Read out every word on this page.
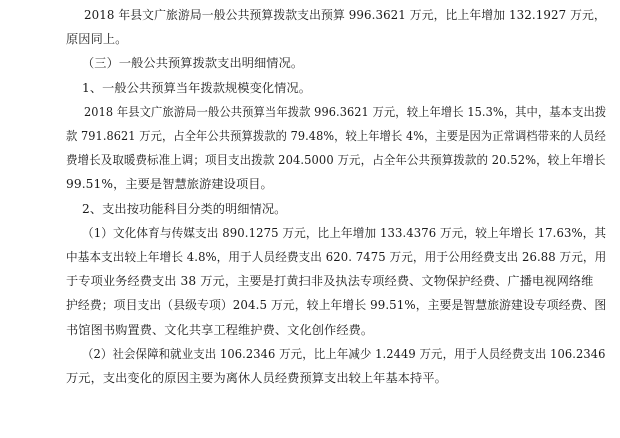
2018 年县文广旅游局一般公共预算拨款支出预算 996.3621 万元，比上年增加 132.1927 万元，
原因同上。
（三）一般公共预算拨款支出明细情况。
1、一般公共预算当年拨款规模变化情况。
2018 年县文广旅游局一般公共预算当年拨款 996.3621 万元，较上年增长 15.3%，其中，基本支出拨
款 791.8621 万元，占全年公共预算拨款的 79.48%，较上年增长 4%，主要是因为正常调档带来的人员经
费增长及取暖费标准上调；项目支出拨款 204.5000 万元，占全年公共预算拨款的 20.52%，较上年增长
99.51%，主要是智慧旅游建设项目。
2、支出按功能科目分类的明细情况。
（1）文化体育与传媒支出 890.1275 万元，比上年增加 133.4376 万元，较上年增长 17.63%，其
中基本支出较上年增长 4.8%，用于人员经费支出 620. 7475 万元，用于公用经费支出 26.88 万元，用
于专项业务经费支出 38 万元，主要是打黄扫非及执法专项经费、文物保护经费、广播电视网络维
护经费；项目支出（县级专项）204.5 万元，较上年增长 99.51%，主要是智慧旅游建设专项经费、图
书馆图书购置费、文化共享工程维护费、文化创作经费。
（2）社会保障和就业支出 106.2346 万元，比上年减少 1.2449 万元，用于人员经费支出 106.2346
万元，支出变化的原因主要为离休人员经费预算支出较上年基本持平。
